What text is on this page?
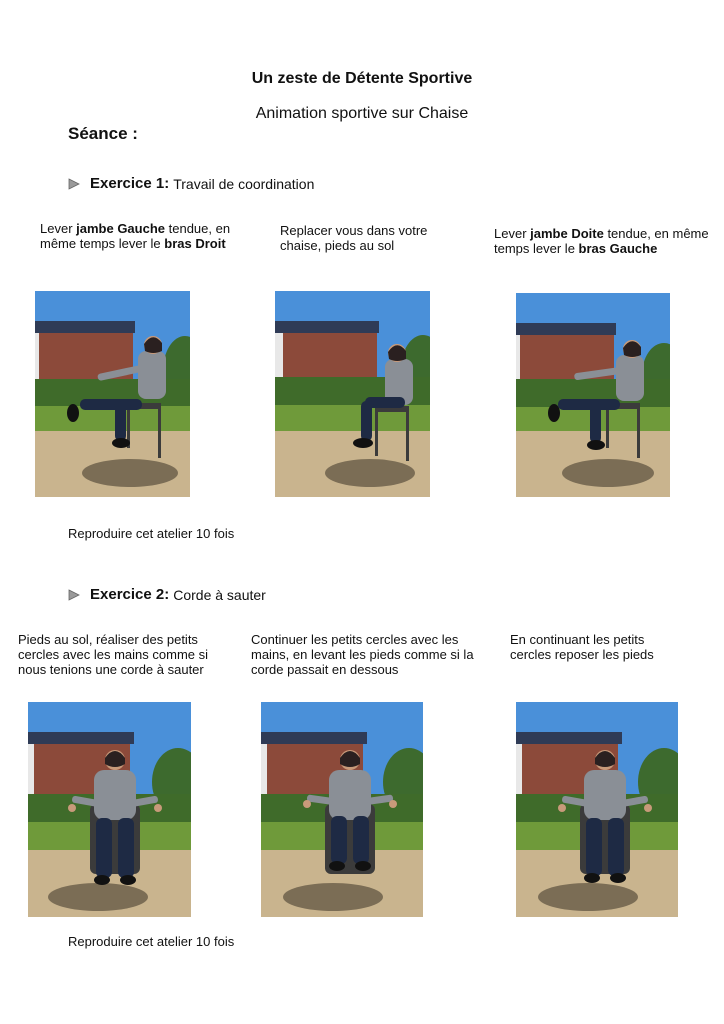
Un zeste de Détente Sportive
Animation sportive sur Chaise
Séance :
Exercice 1: Travail de coordination
Lever jambe Gauche tendue, en même temps lever le bras Droit
Replacer vous dans votre chaise, pieds au sol
Lever jambe Doite tendue, en même temps lever le bras Gauche
Reproduire cet atelier 10 fois
Exercice 2: Corde à sauter
Pieds au sol, réaliser des petits cercles avec les mains comme si nous tenions une corde à sauter
Continuer les petits cercles avec les mains, en levant les pieds comme si la corde passait en dessous
En continuant les petits cercles reposer les pieds
Reproduire cet atelier 10 fois
